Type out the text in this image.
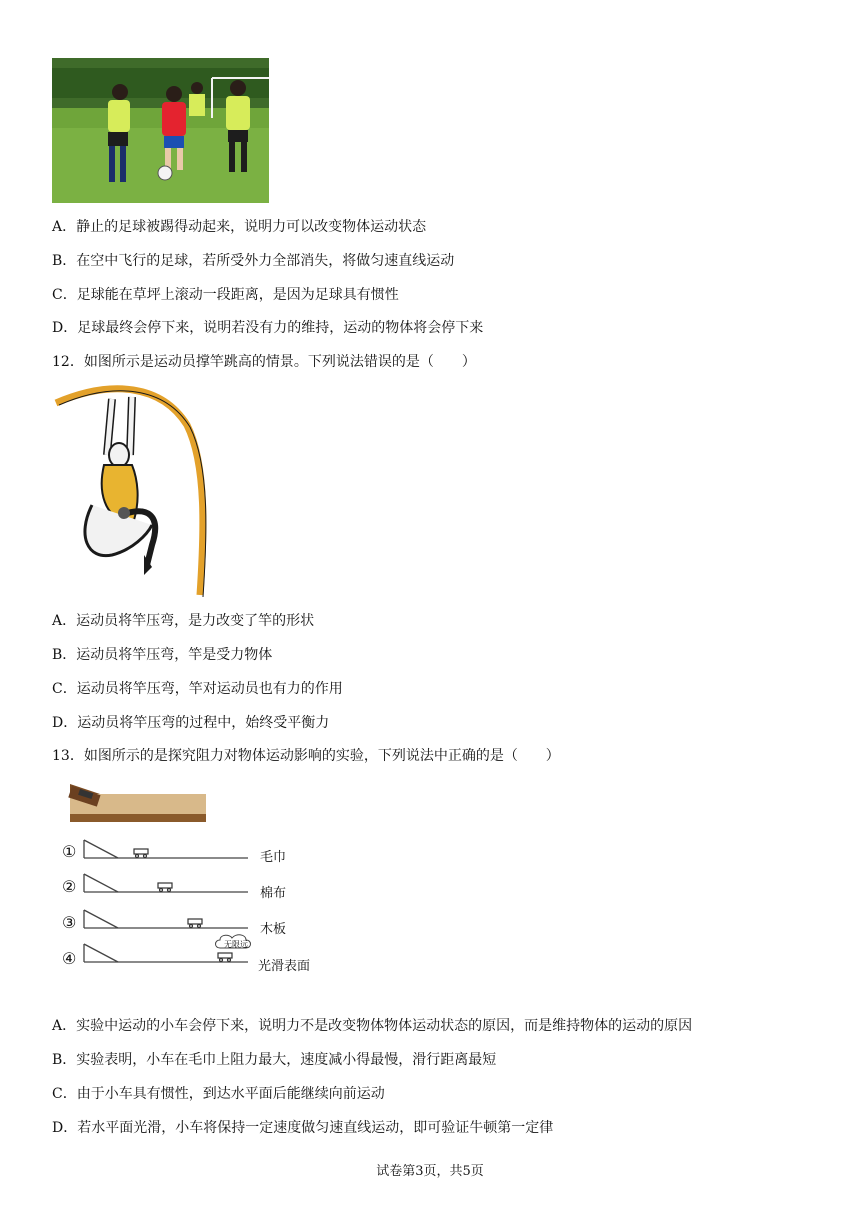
A．静止的足球被踢得动起来，说明力可以改变物体运动状态
B．在空中飞行的足球，若所受外力全部消失，将做匀速直线运动
C．足球能在草坪上滚动一段距离，是因为足球具有惯性
D．足球最终会停下来，说明若没有力的维持，运动的物体将会停下来
12．如图所示是运动员撑竿跳高的情景。下列说法错误的是（　　）
A．运动员将竿压弯，是力改变了竿的形状
B．运动员将竿压弯，竿是受力物体
C．运动员将竿压弯，竿对运动员也有力的作用
D．运动员将竿压弯的过程中，始终受平衡力
13．如图所示的是探究阻力对物体运动影响的实验，下列说法中正确的是（　　）
①	毛巾
②	棉布
③	木板
④	光滑表面
无限远
A．实验中运动的小车会停下来，说明力不是改变物体物体运动状态的原因，而是维持物体的运动的原因
B．实验表明，小车在毛巾上阻力最大，速度减小得最慢，滑行距离最短
C．由于小车具有惯性，到达水平面后能继续向前运动
D．若水平面光滑，小车将保持一定速度做匀速直线运动，即可验证牛顿第一定律
试卷第3页，共5页
